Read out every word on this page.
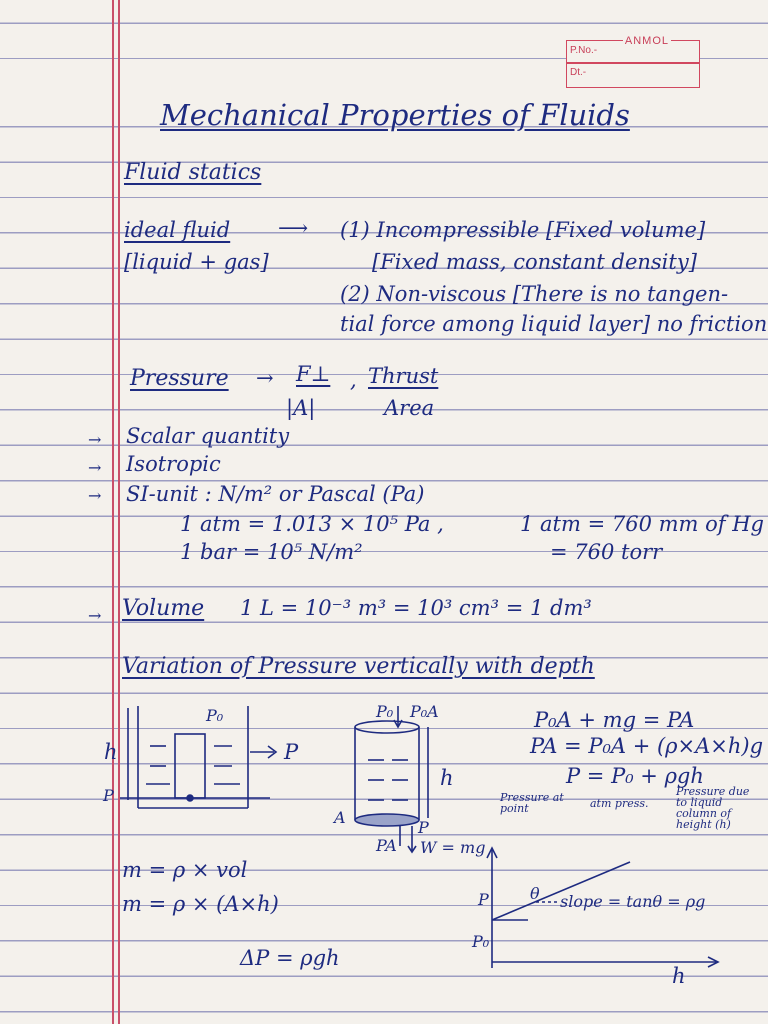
ANMOL
P.No.-
Dt.-
Mechanical Properties of Fluids
Fluid statics
ideal fluid ⟶
[liquid + gas]
(1) Incompressible [Fixed volume]
[Fixed mass, constant density]
(2) Non-viscous [There is no tangen-
tial force among liquid layer] no friction
Pressure → F⊥
|A|
, Thrust
Area
→ Scalar quantity
→ Isotropic
→ SI-unit : N/m² or Pascal (Pa)
1 atm = 1.013 × 10⁵ Pa ,	1 atm = 760 mm of Hg
1 bar = 10⁵ N/m²	= 760 torr
→ Volume 1 L = 10⁻³ m³ = 10³ cm³ = 1 dm³
Variation of Pressure vertically with depth
P₀
h
P
P
P₀ P₀A
h
A
P
PA W = mg
P₀A + mg = PA
PA = P₀A + (ρ×A×h)g
P = P₀ + ρgh
Pressure at point	atm press.
Pressure due to liquid column of height (h)
m = ρ × vol
m = ρ × (A×h)
ΔP = ρgh
P
P₀
h
θ slope = tanθ = ρg
